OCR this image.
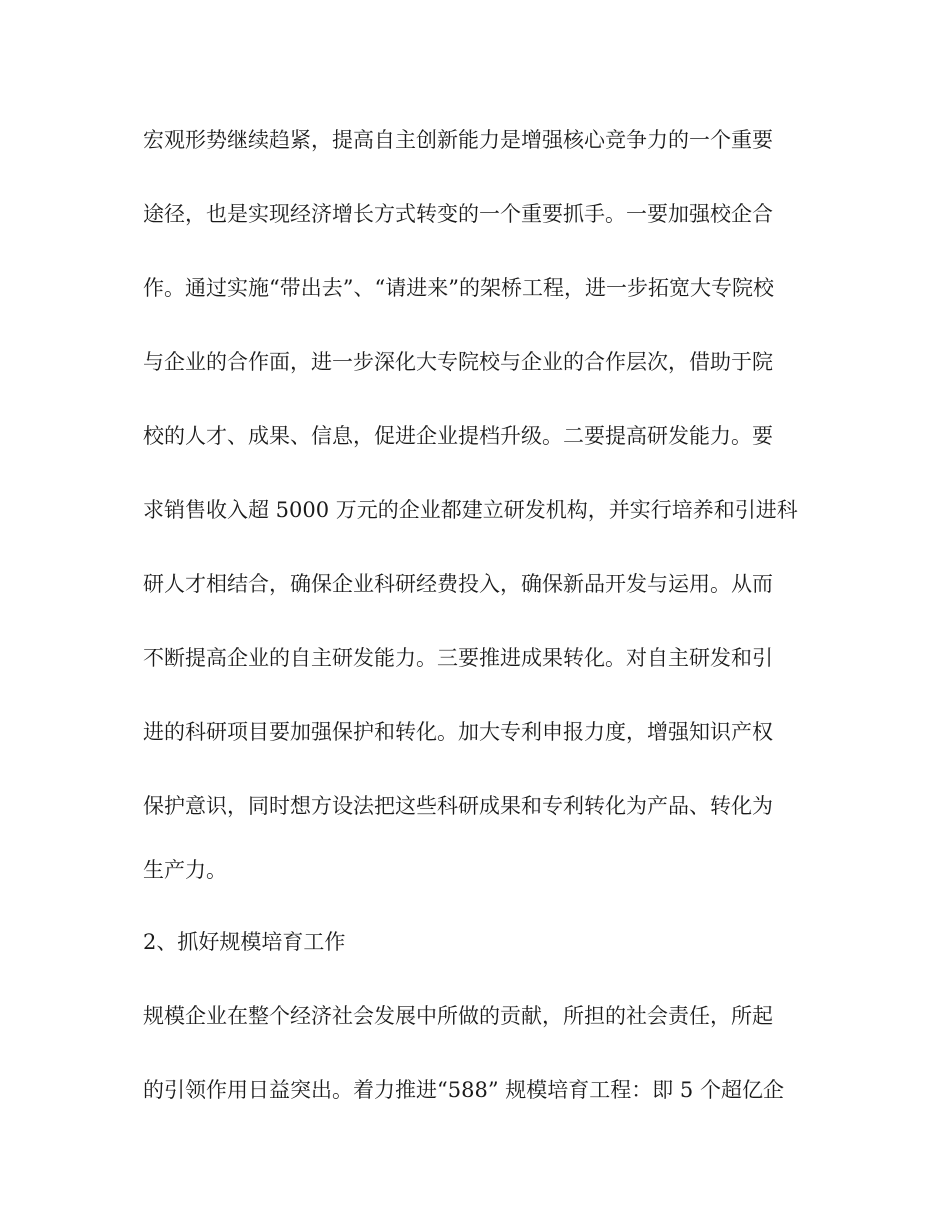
宏观形势继续趋紧，提高自主创新能力是增强核心竞争力的一个重要

途径，也是实现经济增长方式转变的一个重要抓手。一要加强校企合

作。通过实施“带出去”、“请进来”的架桥工程，进一步拓宽大专院校

与企业的合作面，进一步深化大专院校与企业的合作层次，借助于院

校的人才、成果、信息，促进企业提档升级。二要提高研发能力。要

求销售收入超 5000 万元的企业都建立研发机构，并实行培养和引进科

研人才相结合，确保企业科研经费投入，确保新品开发与运用。从而

不断提高企业的自主研发能力。三要推进成果转化。对自主研发和引

进的科研项目要加强保护和转化。加大专利申报力度，增强知识产权

保护意识，同时想方设法把这些科研成果和专利转化为产品、转化为

生产力。

2、抓好规模培育工作

规模企业在整个经济社会发展中所做的贡献，所担的社会责任，所起

的引领作用日益突出。着力推进“588” 规模培育工程：即 5 个超亿企
